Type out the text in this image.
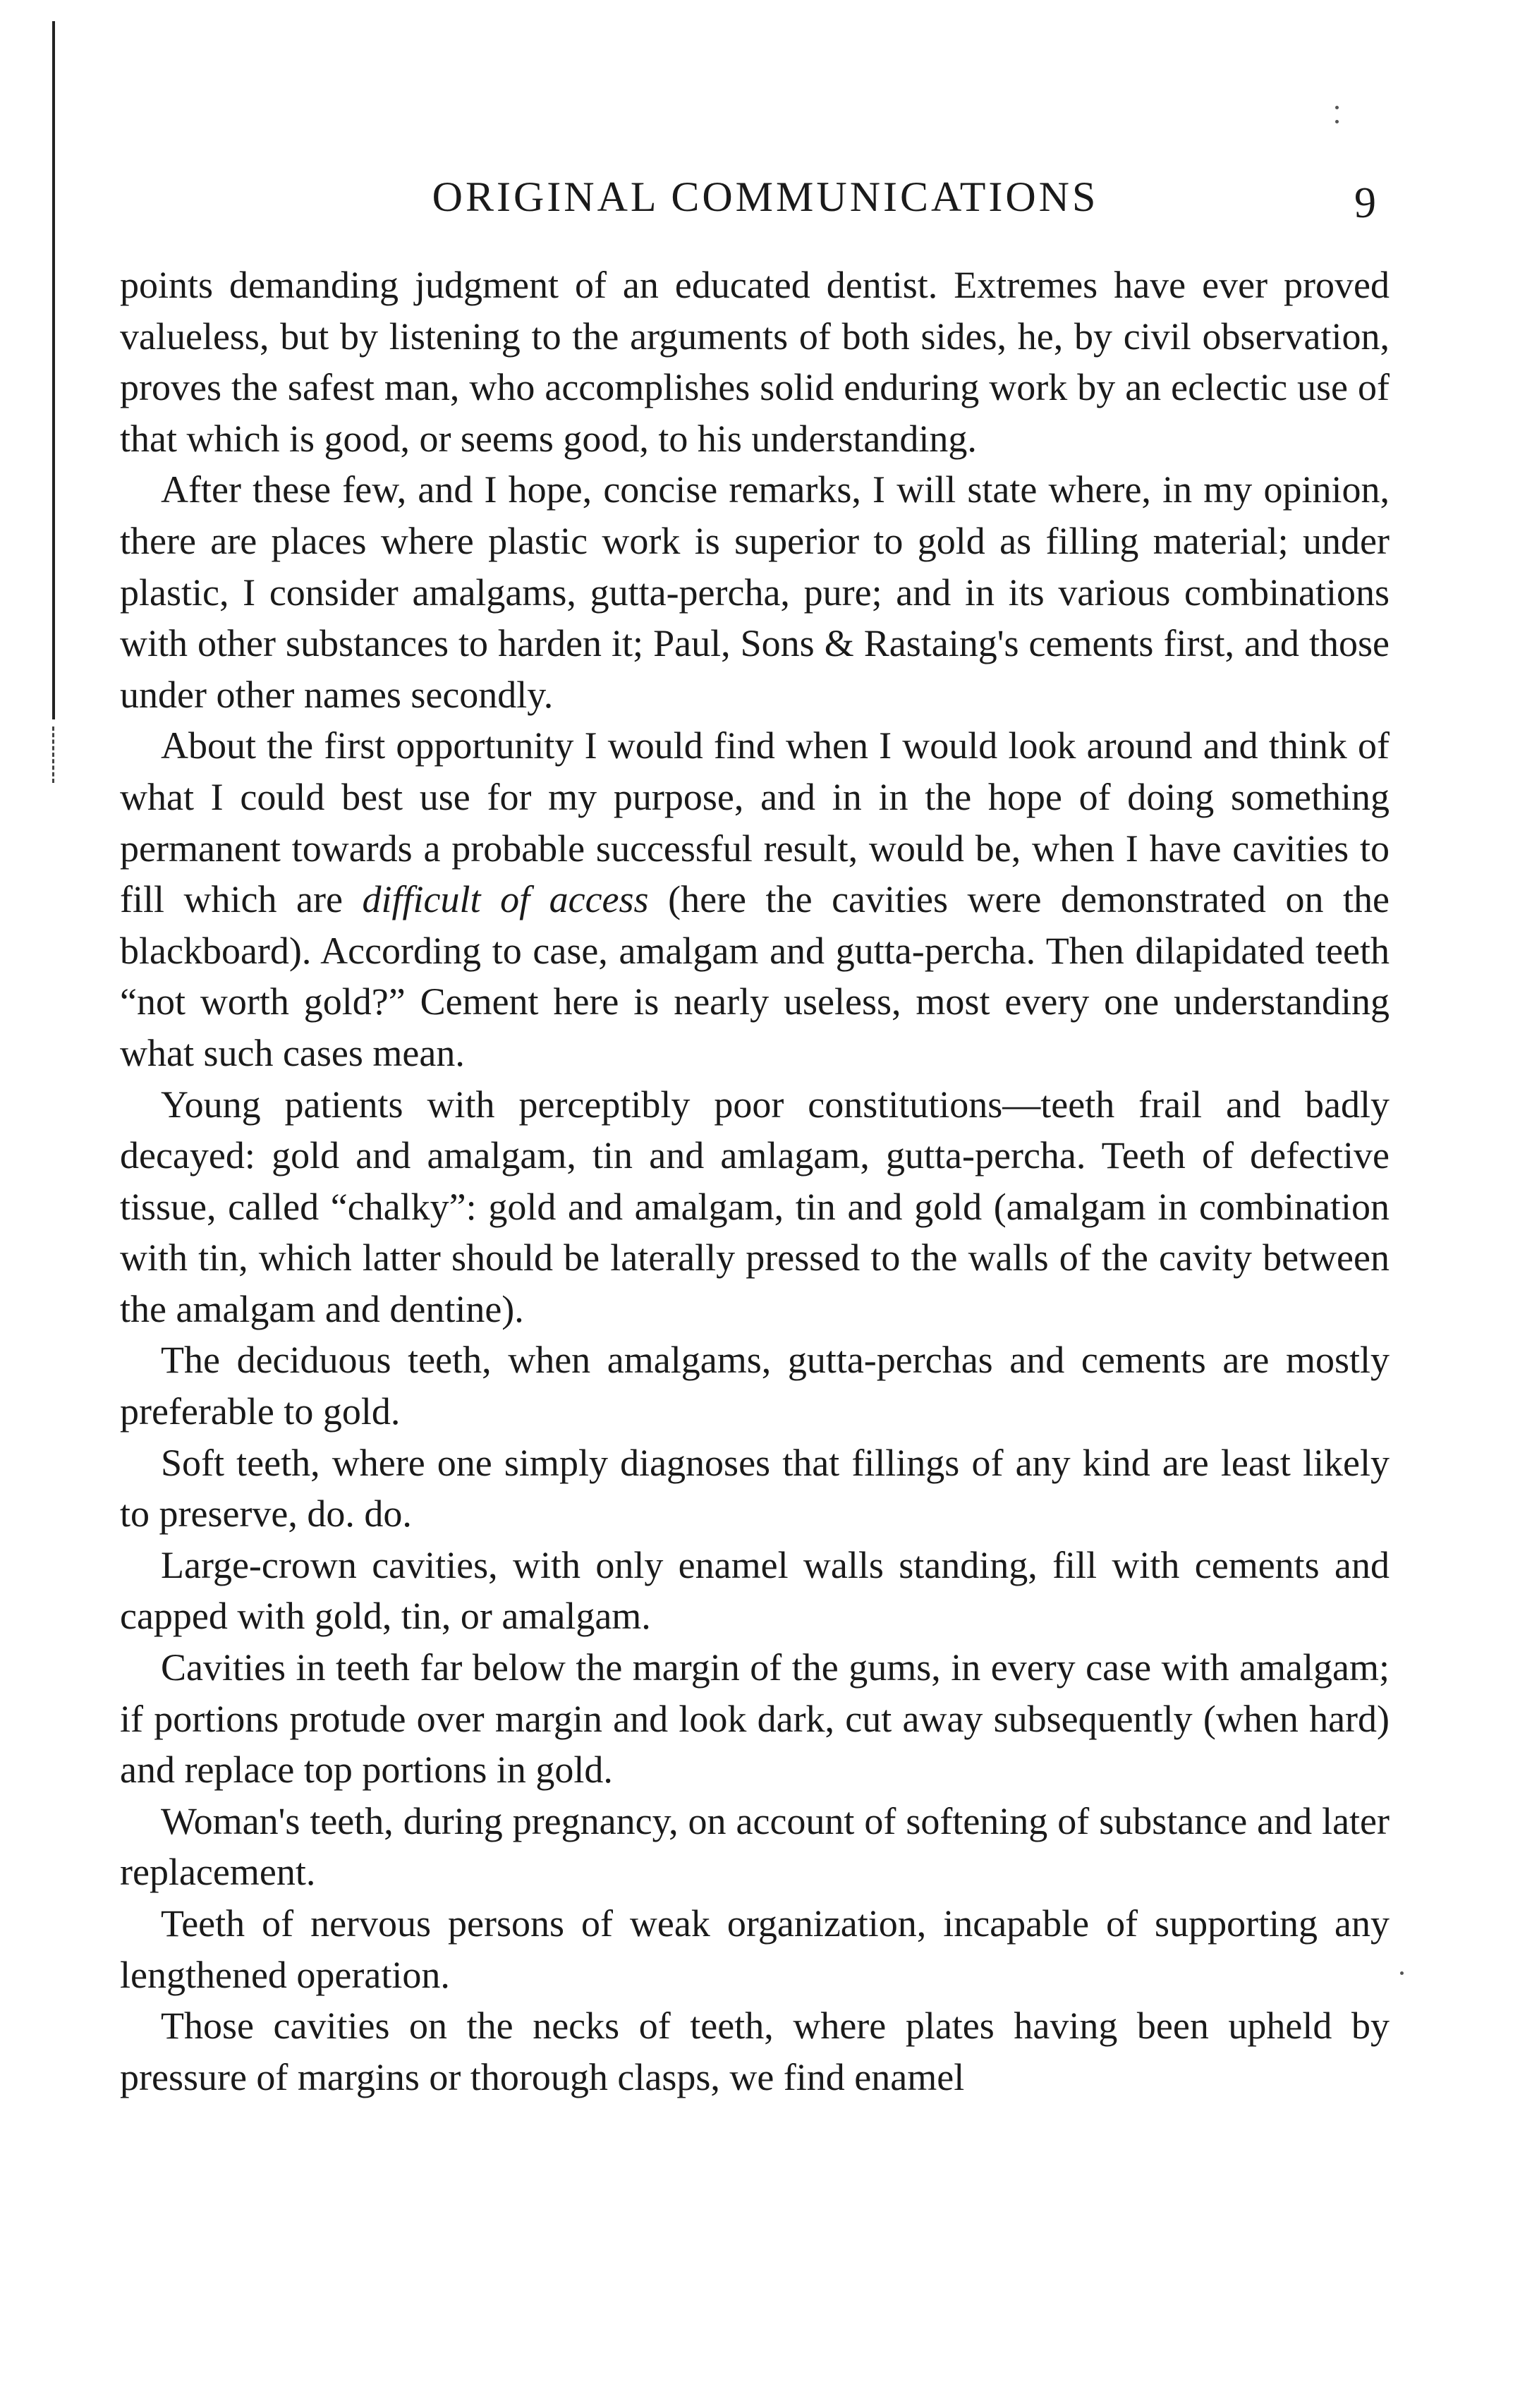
ORIGINAL COMMUNICATIONS	9

points demanding judgment of an educated dentist. Extremes have ever proved valueless, but by listening to the arguments of both sides, he, by civil observation, proves the safest man, who accomplishes solid enduring work by an eclectic use of that which is good, or seems good, to his understanding.

After these few, and I hope, concise remarks, I will state where, in my opinion, there are places where plastic work is superior to gold as filling material; under plastic, I consider amalgams, gutta-percha, pure; and in its various combinations with other substances to harden it; Paul, Sons & Rastaing's cements first, and those under other names secondly.

About the first opportunity I would find when I would look around and think of what I could best use for my purpose, and in in the hope of doing something permanent towards a probable successful result, would be, when I have cavities to fill which are difficult of access (here the cavities were demonstrated on the blackboard). According to case, amalgam and gutta-percha. Then dilapidated teeth “not worth gold?” Cement here is nearly useless, most every one understanding what such cases mean.

Young patients with perceptibly poor constitutions—teeth frail and badly decayed: gold and amalgam, tin and amlagam, gutta-percha. Teeth of defective tissue, called “chalky”: gold and amalgam, tin and gold (amalgam in combination with tin, which latter should be laterally pressed to the walls of the cavity between the amalgam and dentine).

The deciduous teeth, when amalgams, gutta-perchas and cements are mostly preferable to gold.

Soft teeth, where one simply diagnoses that fillings of any kind are least likely to preserve, do. do.

Large-crown cavities, with only enamel walls standing, fill with cements and capped with gold, tin, or amalgam.

Cavities in teeth far below the margin of the gums, in every case with amalgam; if portions protude over margin and look dark, cut away subsequently (when hard) and replace top portions in gold.

Woman's teeth, during pregnancy, on account of softening of substance and later replacement.

Teeth of nervous persons of weak organization, incapable of supporting any lengthened operation.

Those cavities on the necks of teeth, where plates having been upheld by pressure of margins or thorough clasps, we find enamel
